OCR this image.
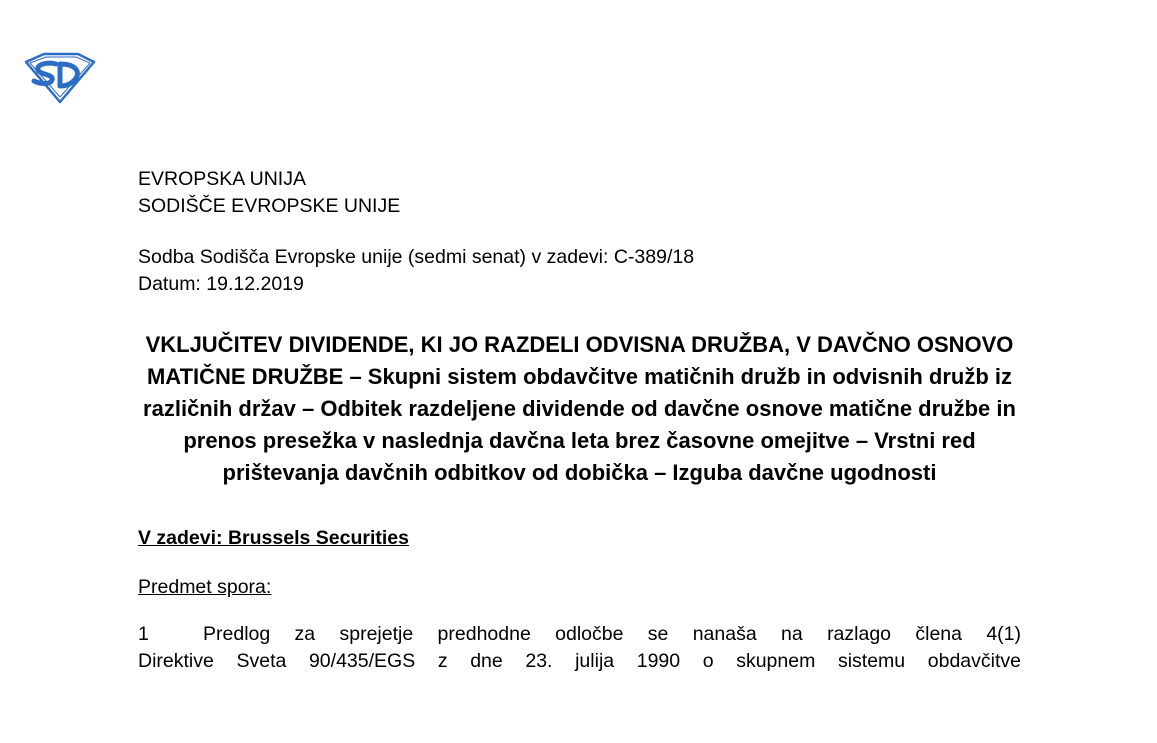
EVROPSKA UNIJA

SODIŠČE EVROPSKE UNIJE

Sodba Sodišča Evropske unije (sedmi senat) v zadevi: C-389/18

Datum: 19.12.2019

VKLJUČITEV DIVIDENDE, KI JO RAZDELI ODVISNA DRUŽBA, V DAVČNO OSNOVO MATIČNE DRUŽBE – Skupni sistem obdavčitve matičnih družb in odvisnih družb iz različnih držav – Odbitek razdeljene dividende od davčne osnove matične družbe in prenos presežka v naslednja davčna leta brez časovne omejitve – Vrstni red prištevanja davčnih odbitkov od dobička – Izguba davčne ugodnosti

V zadevi: Brussels Securities

Predmet spora:

1	Predlog za sprejetje predhodne odločbe se nanaša na razlago člena 4(1)
Direktive Sveta 90/435/EGS z dne 23. julija 1990 o skupnem sistemu obdavčitve
